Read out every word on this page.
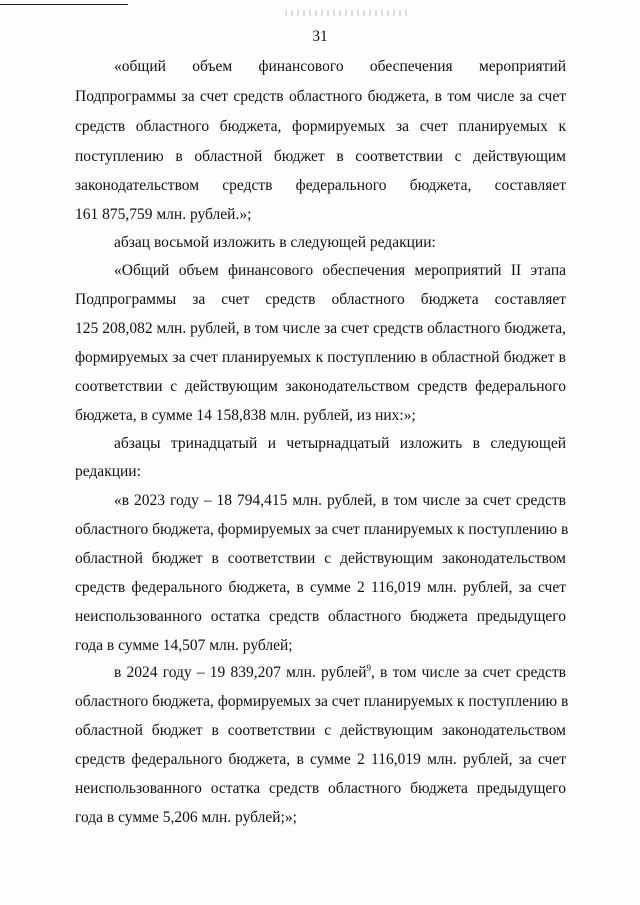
31
«общий объем финансового обеспечения мероприятий
Подпрограммы за счет средств областного бюджета, в том числе за счет
средств областного бюджета, формируемых за счет планируемых к
поступлению в областной бюджет в соответствии с действующим
законодательством средств федерального бюджета, составляет
161 875,759 млн. рублей.»;
абзац восьмой изложить в следующей редакции:
«Общий объем финансового обеспечения мероприятий II этапа
Подпрограммы за счет средств областного бюджета составляет
125 208,082 млн. рублей, в том числе за счет средств областного бюджета,
формируемых за счет планируемых к поступлению в областной бюджет в
соответствии с действующим законодательством средств федерального
бюджета, в сумме 14 158,838 млн. рублей, из них:»;
абзацы тринадцатый и четырнадцатый изложить в следующей
редакции:
«в 2023 году – 18 794,415 млн. рублей, в том числе за счет средств
областного бюджета, формируемых за счет планируемых к поступлению в
областной бюджет в соответствии с действующим законодательством
средств федерального бюджета, в сумме 2 116,019 млн. рублей, за счет
неиспользованного остатка средств областного бюджета предыдущего
года в сумме 14,507 млн. рублей;
в 2024 году – 19 839,207 млн. рублей$^9$, в том числе за счет средств
областного бюджета, формируемых за счет планируемых к поступлению в
областной бюджет в соответствии с действующим законодательством
средств федерального бюджета, в сумме 2 116,019 млн. рублей, за счет
неиспользованного остатка средств областного бюджета предыдущего
года в сумме 5,206 млн. рублей;»;
